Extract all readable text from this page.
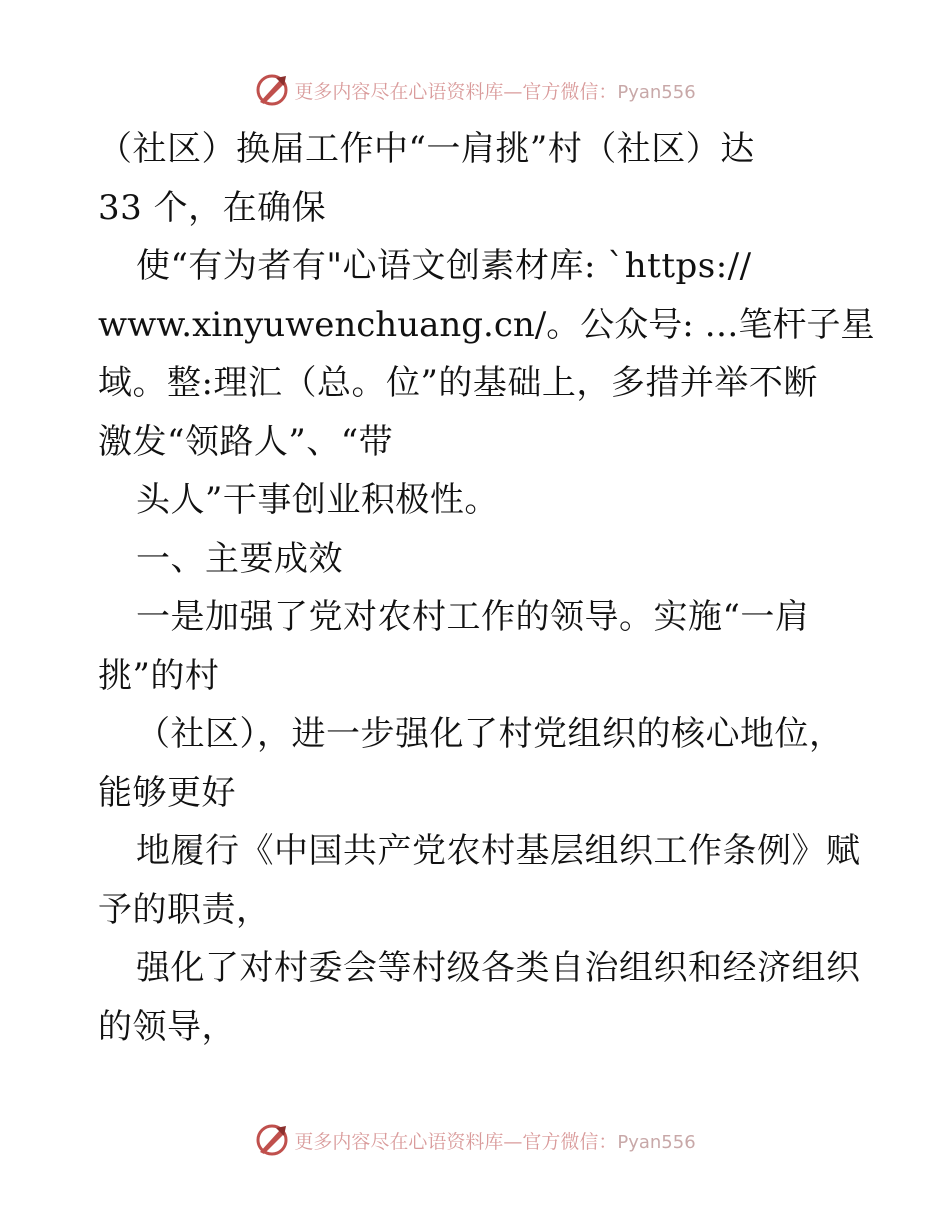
更多内容尽在心语资料库—官方微信：Pyan556
（社区）换届工作中“一肩挑”村（社区）达
33 个，在确保
使“有为者有"心语文创素材库: `https://
www.xinyuwenchuang.cn/。公众号: …笔杆子星
域。整:理汇（总。位”的基础上，多措并举不断
激发“领路人”、“带
头人”干事创业积极性。
一、主要成效
一是加强了党对农村工作的领导。实施“一肩
挑”的村
（社区），进一步强化了村党组织的核心地位，
能够更好
地履行《中国共产党农村基层组织工作条例》赋
予的职责，
强化了对村委会等村级各类自治组织和经济组织
的领导，
更多内容尽在心语资料库—官方微信：Pyan556
